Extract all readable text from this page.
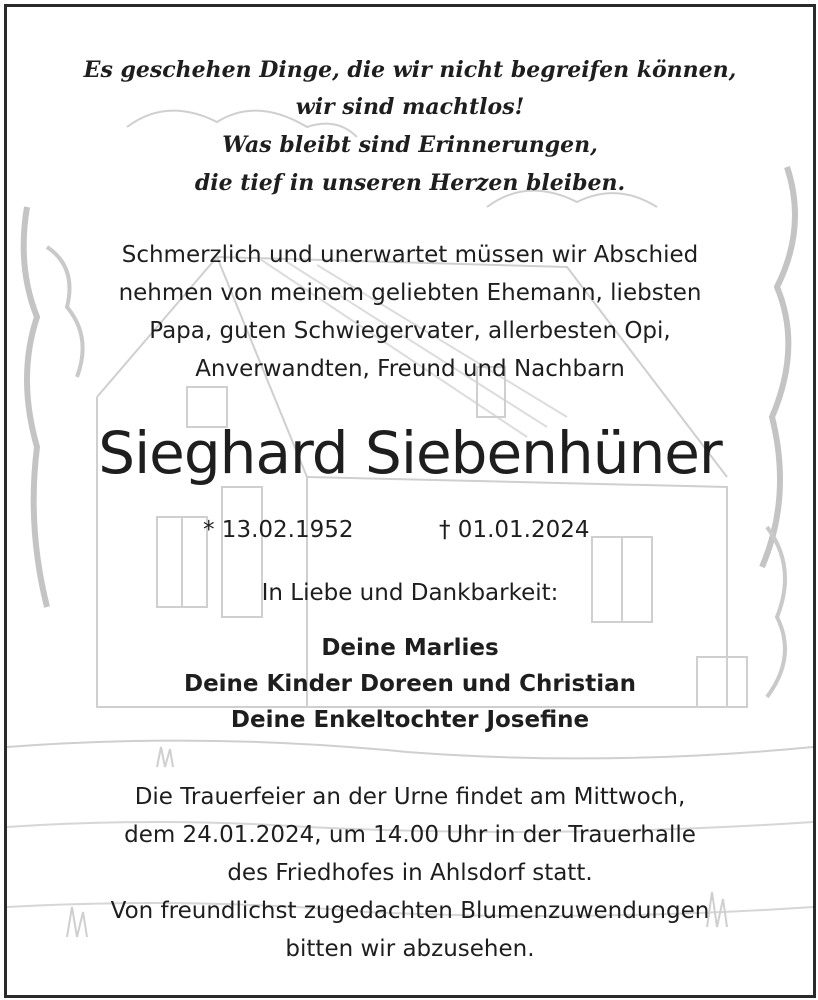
Es geschehen Dinge, die wir nicht begreifen können,
wir sind machtlos!
Was bleibt sind Erinnerungen,
die tief in unseren Herzen bleiben.
Schmerzlich und unerwartet müssen wir Abschied
nehmen von meinem geliebten Ehemann, liebsten
Papa, guten Schwiegervater, allerbesten Opi,
Anverwandten, Freund und Nachbarn
Sieghard Siebenhüner
* 13.02.1952	† 01.01.2024
In Liebe und Dankbarkeit:
Deine Marlies
Deine Kinder Doreen und Christian
Deine Enkeltochter Josefine
Die Trauerfeier an der Urne findet am Mittwoch,
dem 24.01.2024, um 14.00 Uhr in der Trauerhalle
des Friedhofes in Ahlsdorf statt.
Von freundlichst zugedachten Blumenzuwendungen
bitten wir abzusehen.
